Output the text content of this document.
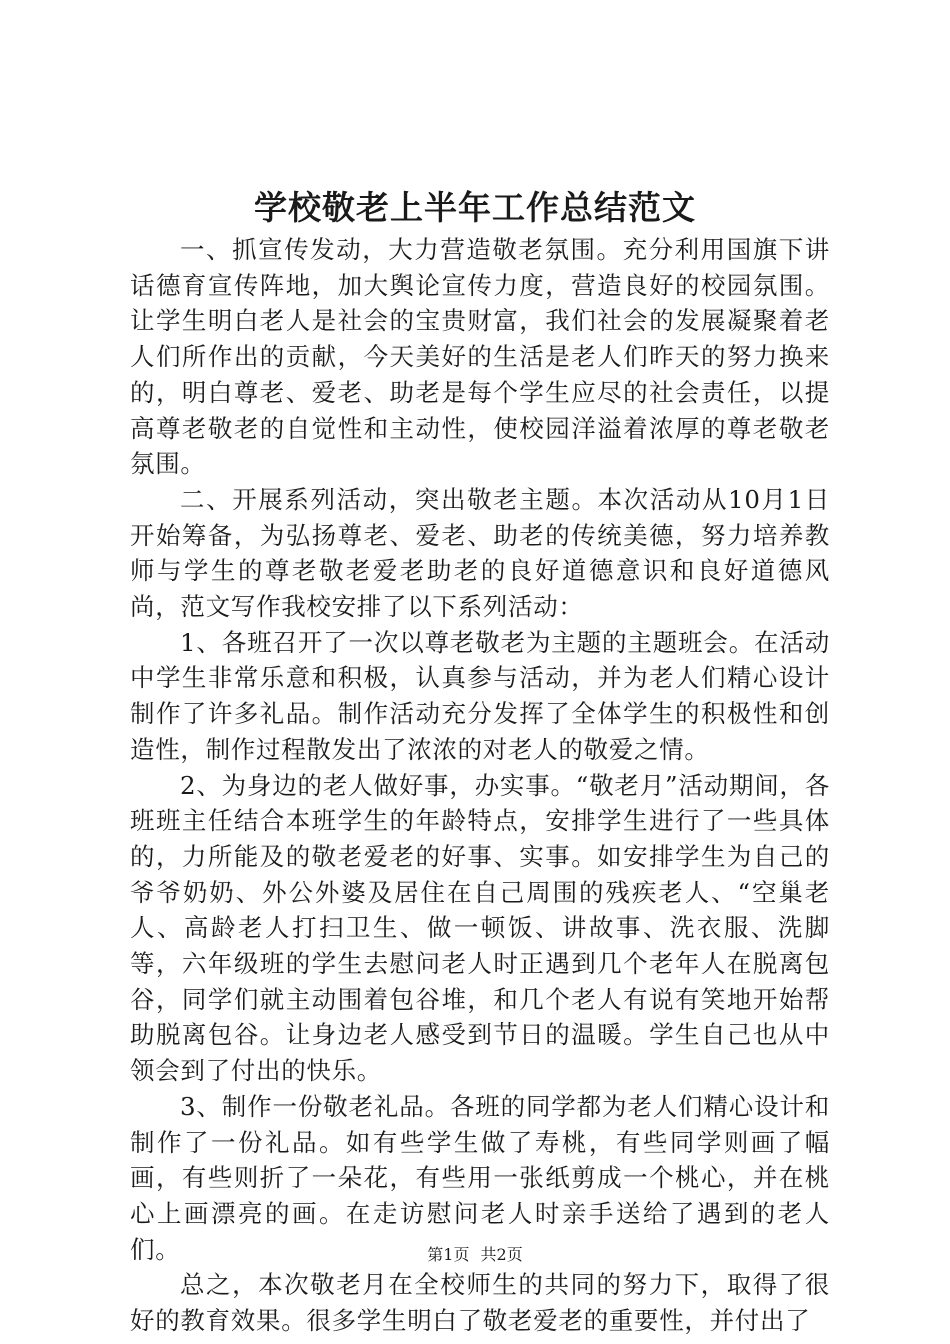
学校敬老上半年工作总结范文

一、抓宣传发动，大力营造敬老氛围。充分利用国旗下讲话德育宣传阵地，加大舆论宣传力度，营造良好的校园氛围。让学生明白老人是社会的宝贵财富，我们社会的发展凝聚着老人们所作出的贡献，今天美好的生活是老人们昨天的努力换来的，明白尊老、爱老、助老是每个学生应尽的社会责任，以提高尊老敬老的自觉性和主动性，使校园洋溢着浓厚的尊老敬老氛围。

二、开展系列活动，突出敬老主题。本次活动从10月1日开始筹备，为弘扬尊老、爱老、助老的传统美德，努力培养教师与学生的尊老敬老爱老助老的良好道德意识和良好道德风尚，范文写作我校安排了以下系列活动：

1、各班召开了一次以尊老敬老为主题的主题班会。在活动中学生非常乐意和积极，认真参与活动，并为老人们精心设计制作了许多礼品。制作活动充分发挥了全体学生的积极性和创造性，制作过程散发出了浓浓的对老人的敬爱之情。

2、为身边的老人做好事，办实事。“敬老月”活动期间，各班班主任结合本班学生的年龄特点，安排学生进行了一些具体的，力所能及的敬老爱老的好事、实事。如安排学生为自己的爷爷奶奶、外公外婆及居住在自己周围的残疾老人、“空巢老人、高龄老人打扫卫生、做一顿饭、讲故事、洗衣服、洗脚等，六年级班的学生去慰问老人时正遇到几个老年人在脱离包谷，同学们就主动围着包谷堆，和几个老人有说有笑地开始帮助脱离包谷。让身边老人感受到节日的温暖。学生自己也从中领会到了付出的快乐。

3、制作一份敬老礼品。各班的同学都为老人们精心设计和制作了一份礼品。如有些学生做了寿桃，有些同学则画了幅画，有些则折了一朵花，有些用一张纸剪成一个桃心，并在桃心上画漂亮的画。在走访慰问老人时亲手送给了遇到的老人们。

总之，本次敬老月在全校师生的共同的努力下，取得了很好的教育效果。很多学生明白了敬老爱老的重要性，并付出了

第1页 共2页
